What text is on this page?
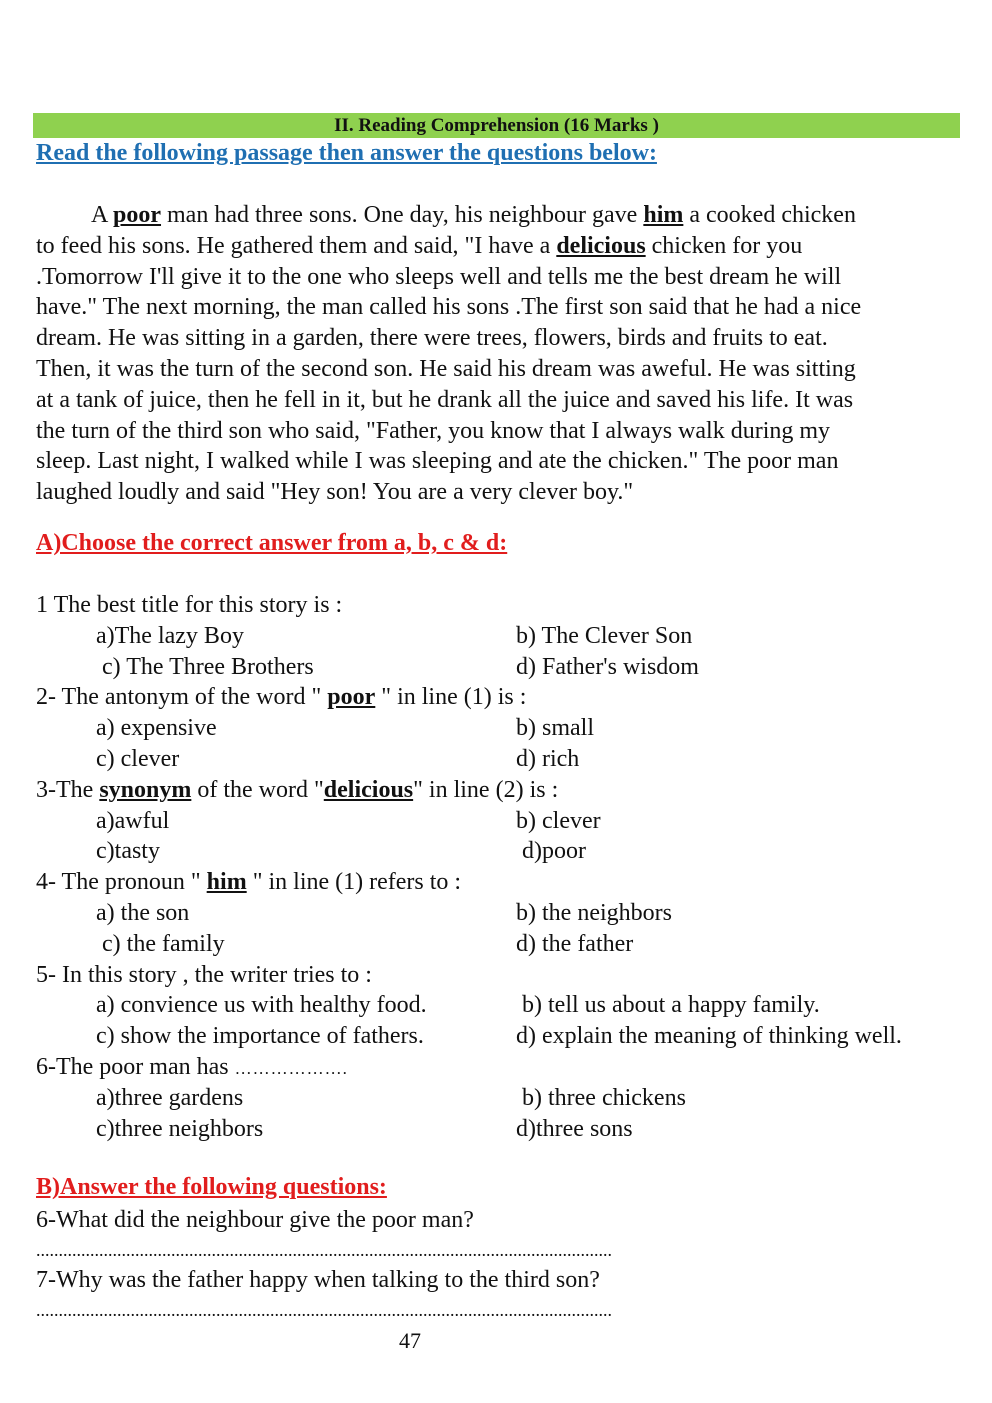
II. Reading Comprehension (16 Marks )
Read the following passage then answer the questions below:
A poor man had three sons. One day, his neighbour gave him a cooked chicken
to feed his sons. He gathered them and said, "I have a delicious chicken for you
.Tomorrow I'll give it to the one who sleeps well and tells me the best dream he will
have." The next morning, the man called his sons .The first son said that he had a nice
dream. He was sitting in a garden, there were trees, flowers, birds and fruits to eat.
Then, it was the turn of the second son. He said his dream was aweful. He was sitting
at a tank of juice, then he fell in it, but he drank all the juice and saved his life. It was
the turn of the third son who said, "Father, you know that I always walk during my
sleep. Last night, I walked while I was sleeping and ate the chicken." The poor man
laughed loudly and said "Hey son! You are a very clever boy."
A)Choose the correct answer from a, b, c & d:
1 The best title for this story is :
a)The lazy Boy	b) The Clever Son
c) The Three Brothers	d) Father's wisdom
2- The antonym of the word " poor " in line (1) is :
a) expensive	b) small
c) clever	d) rich
3-The synonym of the word "delicious" in line (2) is :
a)awful	b) clever
c)tasty	d)poor
4- The pronoun " him " in line (1) refers to :
a) the son	b) the neighbors
c) the family	d) the father
5- In this story , the writer tries to :
a) convience us with healthy food.	b) tell us about a happy family.
c) show the importance of fathers.	d) explain the meaning of thinking well.
6-The poor man has ……………….
a)three gardens	b) three chickens
c)three neighbors	d)three sons
B)Answer the following questions:
6-What did the neighbour give the poor man?
................................................................................................................................
7-Why was the father happy when talking to the third son?
................................................................................................................................
47
